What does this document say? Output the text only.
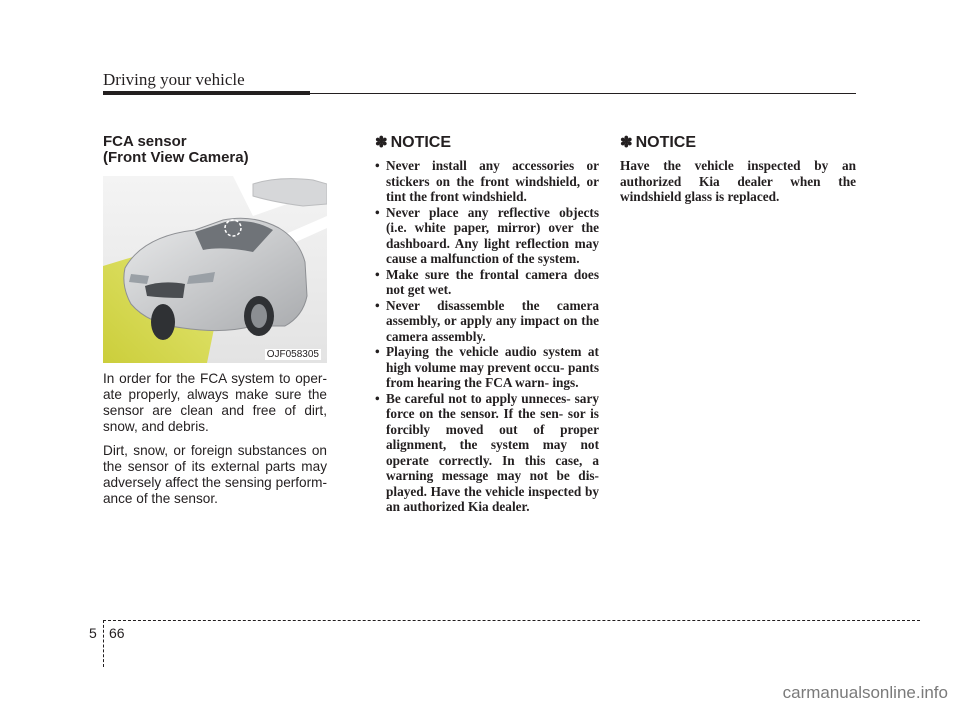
Driving your vehicle
FCA sensor
(Front View Camera)
OJF058305

In order for the FCA system to oper- ate properly, always make sure the sensor are clean and free of dirt, snow, and debris.

Dirt, snow, or foreign substances on the sensor of its external parts may adversely affect the sensing perform- ance of the sensor.

✽ NOTICE
• Never install any accessories or stickers on the front windshield, or tint the front windshield.
• Never place any reflective objects (i.e. white paper, mirror) over the dashboard. Any light reflection may cause a malfunction of the system.
• Make sure the frontal camera does not get wet.
• Never disassemble the camera assembly, or apply any impact on the camera assembly.
• Playing the vehicle audio system at high volume may prevent occu- pants from hearing the FCA warn- ings.
• Be careful not to apply unneces- sary force on the sensor. If the sen- sor is forcibly moved out of proper alignment, the system may not operate correctly. In this case, a warning message may not be dis- played. Have the vehicle inspected by an authorized Kia dealer.
✽ NOTICE

Have the vehicle inspected by an authorized Kia dealer when the windshield glass is replaced.

5 66
carmanualsonline.info
